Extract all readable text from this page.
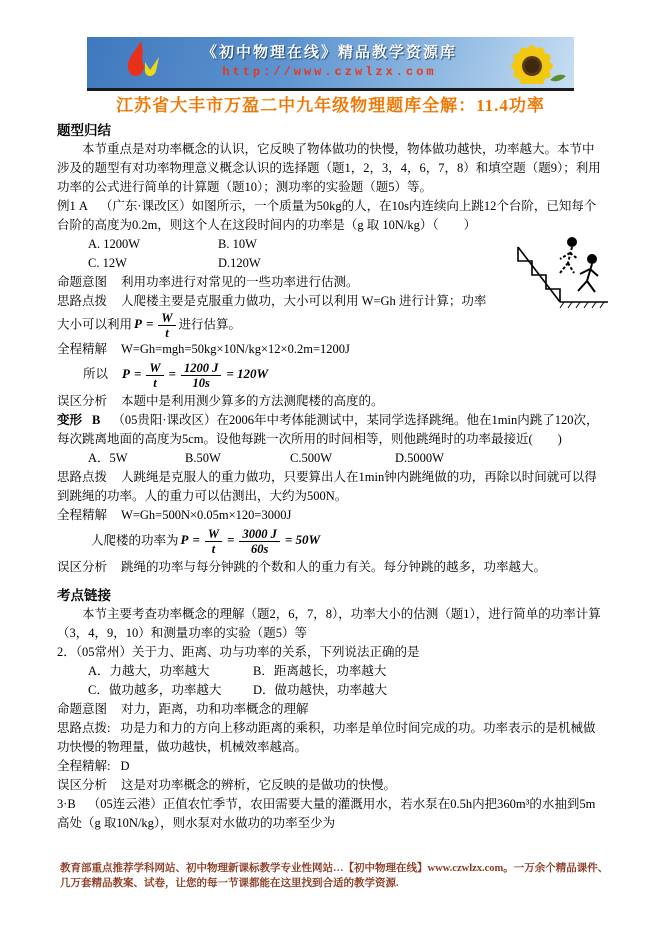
《初中物理在线》精品教学资源库
http://www.czwlzx.com
江苏省大丰市万盈二中九年级物理题库全解：11.4功率

题型归结

本节重点是对功率概念的认识，它反映了物体做功的快慢，物体做功越快，功率越大。本节中涉及的题型有对功率物理意义概念认识的选择题（题1，2，3，4，6，7，8）和填空题（题9）；利用功率的公式进行简单的计算题（题10）；测功率的实验题（题5）等。

例1 A （广东·课改区）如图所示，一个质量为50kg的人，在10s内连续向上跳12个台阶，已知每个台阶的高度为0.2m，则这个人在这段时间内的功率是（g 取 10N/kg）（　　）

A. 1200W	B. 10W
C. 12W	D.120W

命题意图 利用功率进行对常见的一些功率进行估测。

思路点拨 人爬楼主要是克服重力做功，大小可以利用 W=Gh 进行计算；功率大小可以利用 $P = \frac{W}{t}$ 进行估算。

全程精解 W=Gh=mgh=50kg×10N/kg×12×0.2m=1200J

所以 $P = \frac{W}{t} = \frac{1200 J}{10s} = 120W$

误区分析 本题中是利用测少算多的方法测爬楼的高度的。

变形 B （05贵阳·课改区）在2006年中考体能测试中，某同学选择跳绳。他在1min内跳了120次，每次跳离地面的高度为5cm。设他每跳一次所用的时间相等，则他跳绳时的功率最接近(　　)

A．5W	B.50W	C.500W	D.5000W

思路点拨 人跳绳是克服人的重力做功，只要算出人在1min钟内跳绳做的功，再除以时间就可以得到跳绳的功率。人的重力可以估测出，大约为500N。

全程精解 W=Gh=500N×0.05m×120=3000J

人爬楼的功率为 $P = \frac{W}{t} = \frac{3000 J}{60s} = 50W$

误区分析 跳绳的功率与每分钟跳的个数和人的重力有关。每分钟跳的越多，功率越大。

考点链接

本节主要考查功率概念的理解（题2，6，7，8），功率大小的估测（题1），进行简单的功率计算（3，4，9，10）和测量功率的实验（题5）等

2．（05常州）关于力、距离、功与功率的关系，下列说法正确的是

A．力越大，功率越大	B．距离越长，功率越大
C．做功越多，功率越大	D．做功越快，功率越大

命题意图 对力，距离，功和功率概念的理解

思路点拨: 功是力和力的方向上移动距离的乘积，功率是单位时间完成的功。功率表示的是机械做功快慢的物理量，做功越快，机械效率越高。

全程精解: D

误区分析 这是对功率概念的辨析，它反映的是做功的快慢。

3·B （05连云港）正值农忙季节，农田需要大量的灌溉用水，若水泵在0.5h内把360m³的水抽到5m高处（g 取10N/kg），则水泵对水做功的功率至少为

教育部重点推荐学科网站、初中物理新课标教学专业性网站…【初中物理在线】www.czwlzx.com。一万余个精品课件、几万套精品教案、试卷，让您的每一节课都能在这里找到合适的教学资源.
